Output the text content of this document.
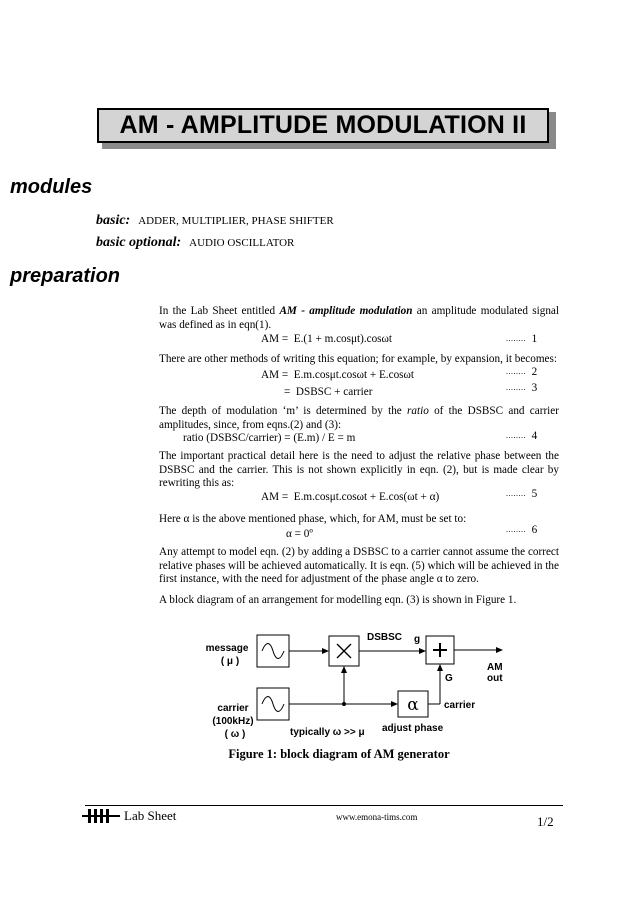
AM - AMPLITUDE MODULATION II
modules
basic: ADDER, MULTIPLIER, PHASE SHIFTER
basic optional: AUDIO OSCILLATOR
preparation
In the Lab Sheet entitled AM - amplitude modulation an amplitude modulated signal was defined as in eqn(1).
AM = E.(1 + m.cosμt).cosωt	........ 1
There are other methods of writing this equation; for example, by expansion, it becomes:
AM = E.m.cosμt.cosωt + E.cosωt	........ 2
= DSBSC + carrier	........ 3
The depth of modulation ‘m’ is determined by the ratio of the DSBSC and carrier amplitudes, since, from eqns.(2) and (3):
ratio (DSBSC/carrier) = (E.m) / E = m	........ 4
The important practical detail here is the need to adjust the relative phase between the DSBSC and the carrier. This is not shown explicitly in eqn. (2), but is made clear by rewriting this as:
AM = E.m.cosμt.cosωt + E.cos(ωt + α)	........ 5
Here α is the above mentioned phase, which, for AM, must be set to:
α = 0º	........ 6
Any attempt to model eqn. (2) by adding a DSBSC to a carrier cannot assume the correct relative phases will be achieved automatically. It is eqn. (5) which will be achieved in the first instance, with the need for adjustment of the phase angle α to zero.
A block diagram of an arrangement for modelling eqn. (3) is shown in Figure 1.
α
message
( μ )
carrier
(100kHz)
( ω )	typically ω >> μ
DSBSC g
G
AM
out
carrier
adjust phase
Figure 1: block diagram of AM generator
Lab Sheet	www.emona-tims.com	1/2
